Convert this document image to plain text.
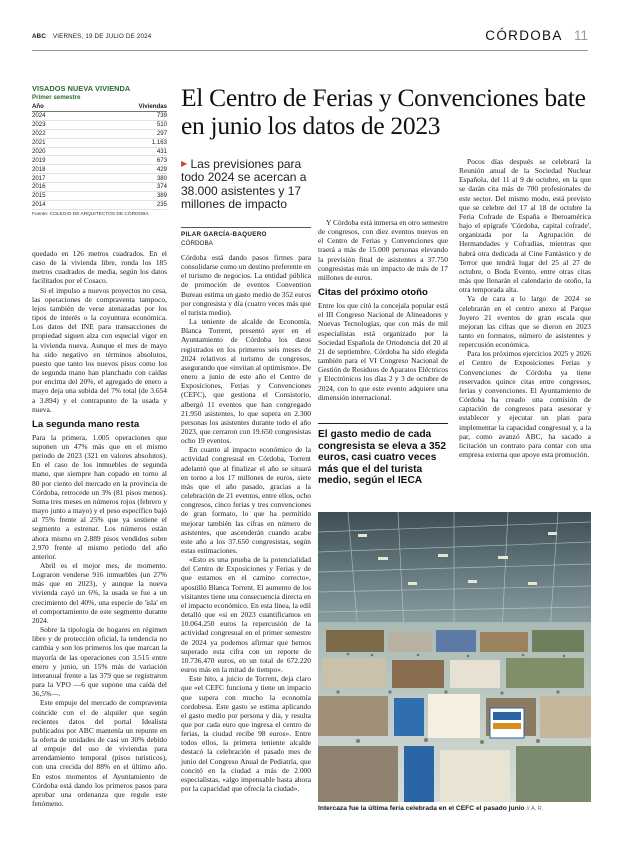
ABC VIERNES, 19 DE JULIO DE 2024	CÓRDOBA 11
VISADOS NUEVA VIVIENDA
Primer semestre
Año	Viviendas
2024	739
2023	510
2022	297
2021	1.163
2020	431
2019	673
2018	429
2017	380
2016	374
2015	389
2014	235
Fuente: COLEGIO DE ARQUITECTOS DE CÓRDOBA

quedado en 126 metros cuadrados. En el caso de la vivienda libre, ronda los 185 metros cuadrados de media, según los datos facilitados por el Cosaco.

Si el impulso a nuevos proyectos no cesa, las operaciones de compraventa tampoco, lejos también de verse atenazadas por los tipos de interés o la coyuntura económica. Los datos del INE para transacciones de propiedad siguen alza con especial vigor en la vivienda nueva. Aunque el mes de mayo ha sido negativo en términos absolutos, puesto que tanto los nuevos pisos como los de segunda mano han planchado con caídas por encima del 20%, el agregado de enero a mayo deja una subida del 7% total (de 3.654 a 3.894) y el contrapunto de la usada y nueva.

La segunda mano resta

Para la primera, 1.005 operaciones que suponen un 47% más que en el mismo periodo de 2023 (321 en valores absolutos). En el caso de los inmuebles de segunda mano, que siempre han copado en torno al 80 por ciento del mercado en la provincia de Córdoba, retrocede un 3% (81 pisos menos). Suma tres meses en números rojos (febrero y mayo junto a mayo) y el peso específico bajó al 75% frente al 25% que ya sostiene el segmento a estrenar. Los números están ahora mismo en 2.889 pisos vendidos sobre 2.970 frente al mismo periodo del año anterior.

Abril es el mejor mes, de momento. Lograron venderse 916 inmuebles (un 27% más que en 2023), y aunque la nueva vivienda cayó un 6%, la usada se fue a un crecimiento del 40%, una especie de 'isla' en el comportamiento de este segmento durante 2024.

Sobre la tipología de hogares en régimen libre y de protección oficial, la tendencia no cambia y son los primeros los que marcan la mayoría de las operaciones con 3.515 entre enero y junio, un 15% más de variación interanual frente a las 379 que se registraron para la VPO —6 que supone una caída del 36,5%—.

Este empuje del mercado de compraventa coincide con el de alquiler que según recientes datos del portal Idealista publicados por ABC mantenía un repunte en la oferta de unidades de casi un 30% debido al empuje del uso de viviendas para arrendamiento temporal (pisos turísticos), con una crecida del 88% en el último año. En estos momentos el Ayuntamiento de Córdoba está dando los primeros pasos para aprobar una ordenanza que regule este fenómeno.

El Centro de Ferias y Convenciones bate en junio los datos de 2023
▶ Las previsiones para todo 2024 se acercan a 38.000 asistentes y 17 millones de impacto
PILAR GARCÍA-BAQUERO
CÓRDOBA

Córdoba está dando pasos firmes para consolidarse como un destino preferente en el turismo de negocios. La entidad pública de promoción de eventos Convention Bureau estima un gasto medio de 352 euros por congresista y día (cuatro veces más que el turista medio).

La teniente de alcalde de Economía, Blanca Torrent, presentó ayer en el Ayuntamiento de Córdoba los datos registrados en los primeros seis meses de 2024 relativos al turismo de congresos, asegurando que «invitan al optimismo». De enero a junio de este año el Centro de Exposiciones, Ferias y Convenciones (CEFC), que gestiona el Consistorio, albergó 11 eventos que han congregado 21.950 asistentes, lo que supera en 2.300 personas los asistentes durante todo el año 2023, que cerraron con 19.650 congresistas ocho 19 eventos.

En cuanto al impacto económico de la actividad congresual en Córdoba, Torrent adelantó que al finalizar el año se situará en torno a los 17 millones de euros, siete más que el año pasado, gracias a la celebración de 21 eventos, entre ellos, ocho congresos, cinco ferias y tres convenciones de gran formato, lo que ha permitido mejorar también las cifras en número de asistentes, que ascenderán cuando acabe este año a los 37.650 congresistas, según estas estimaciones.

«Esto es una prueba de la potencialidad del Centro de Exposiciones y Ferias y de que estamos en el camino correcto», apostilló Blanca Torrent. El aumento de los visitantes tiene una consecuencia directa en el impacto económico. En esta línea, la edil detalló que «si en 2023 cuantificamos en 10.064.250 euros la repercusión de la actividad congresual en el primer semestre de 2024 ya podemos afirmar que hemos superado esta cifra con un reporte de 10.736.470 euros, en un total de 672.220 euros más en la mitad de tiempo».

Este hito, a juicio de Torrent, deja claro que «el CEFC funciona y tiene un impacto que supera con mucho la economía cordobesa. Este gasto se estima aplicando el gasto medio por persona y día, y resulta que por cada euro que ingresa el centro de ferias, la ciudad recibe 98 euros». Entre todos ellos, la primera teniente alcalde destacó la celebración el pasado mes de junio del Congreso Anual de Pediatría, que concitó en la ciudad a más de 2.000 especialistas, «algo impensable hasta ahora por la capacidad que ofrecía la ciudad».

Y Córdoba está inmersa en otro semestre de congresos, con diez eventos nuevos en el Centro de Ferias y Convenciones que traerá a más de 15.000 personas elevando la previsión final de asistentes a 37.750 congresistas más un impacto de más de 17 millones de euros.

Citas del próximo otoño

Entre los que citó la concejala popular está el III Congreso Nacional de Alineadores y Nuevas Tecnologías, que con más de mil especialistas está organizado por la Sociedad Española de Ortodoncia del 20 al 21 de septiembre. Córdoba ha sido elegida también para el VI Congreso Nacional de Gestión de Residuos de Aparatos Eléctricos y Electrónicos los días 2 y 3 de octubre de 2024, con lo que este evento adquiere una dimensión internacional.

El gasto medio de cada congresista se eleva a 352 euros, casi cuatro veces más que el del turista medio, según el IECA

Pocos días después se celebrará la Reunión anual de la Sociedad Nuclear Española, del 11 al 9 de octubre, en la que se darán cita más de 700 profesionales de este sector. Del mismo modo, está previsto que se celebre del 17 al 18 de octubre la Feria Cofrade de España e Iberoamérica bajo el epígrafe 'Córdoba, capital cofrade', organizada por la Agrupación de Hermandades y Cofradías, mientras que habrá otra dedicada al Cine Fantástico y de Terror que tendrá lugar del 25 al 27 de octubre, o Boda Evento, entre otras citas más que llenarán el calendario de otoño, la otra temporada alta.

Ya de cara a lo largo de 2024 se celebrarán en el centro anexo al Parque Joyero 21 eventos de gran escala que mejoran las cifras que se dieron en 2023 tanto en formatos, número de asistentes y repercusión económica.

Para los próximos ejercicios 2025 y 2026 el Centro de Exposiciones Ferias y Convenciones de Córdoba ya tiene reservados quince citas entre congresos, ferias y convenciones. El Ayuntamiento de Córdoba ha creado una comisión de captación de congresos para asesorar y establecer y ejecutar un plan para implementar la capacidad congresual y, a la par, como avanzó ABC, ha sacado a licitación un contrato para contar con una empresa externa que apoye esta promoción.

Intercaza fue la última feria celebrada en el CEFC el pasado junio // Á. R.
